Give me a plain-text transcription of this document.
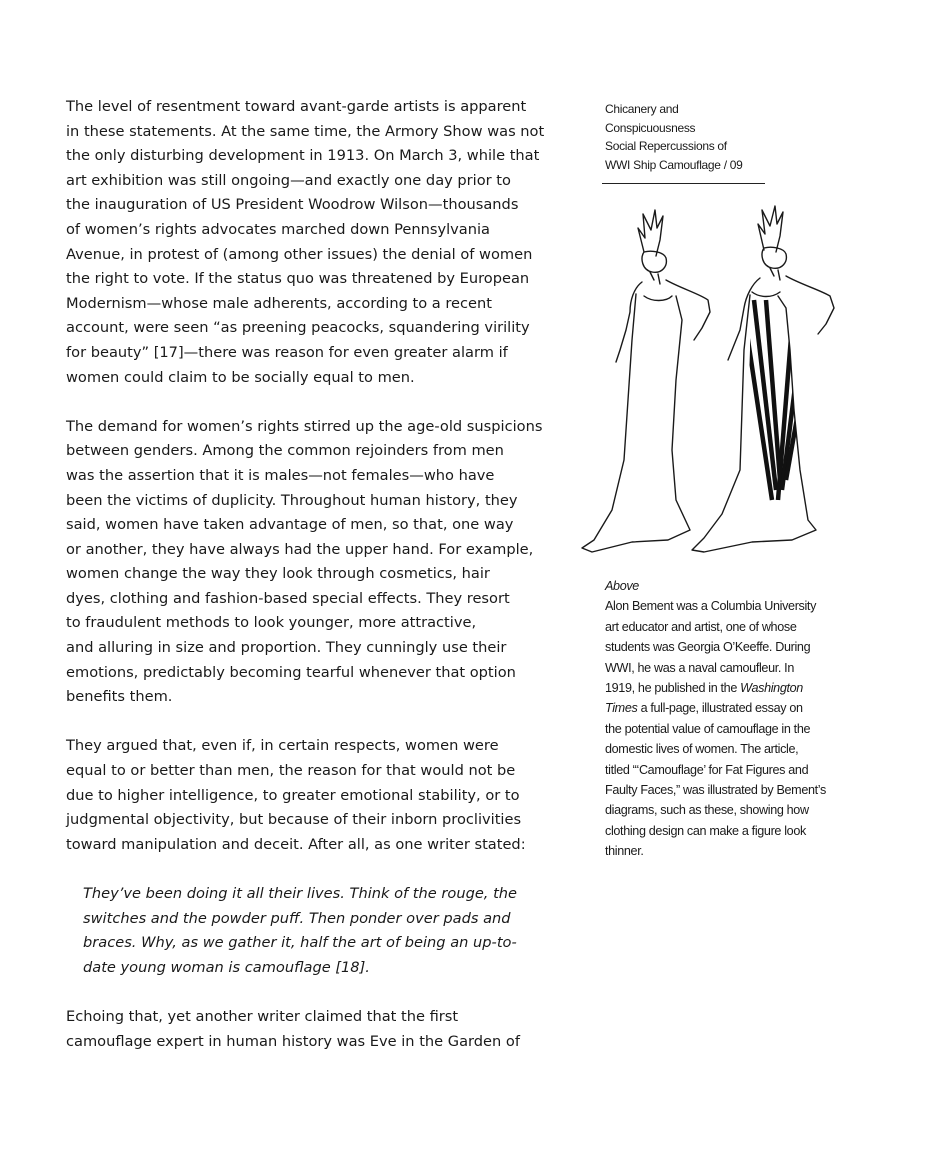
The level of resentment toward avant-garde artists is apparent
in these statements. At the same time, the Armory Show was not
the only disturbing development in 1913. On March 3, while that
art exhibition was still ongoing—and exactly one day prior to
the inauguration of US President Woodrow Wilson—thousands
of women’s rights advocates marched down Pennsylvania
Avenue, in protest of (among other issues) the denial of women
the right to vote. If the status quo was threatened by European
Modernism—whose male adherents, according to a recent
account, were seen “as preening peacocks, squandering virility
for beauty” [17]—there was reason for even greater alarm if
women could claim to be socially equal to men.

The demand for women’s rights stirred up the age-old suspicions
between genders. Among the common rejoinders from men
was the assertion that it is males—not females—who have
been the victims of duplicity. Throughout human history, they
said, women have taken advantage of men, so that, one way
or another, they have always had the upper hand. For example,
women change the way they look through cosmetics, hair
dyes, clothing and fashion-based special effects. They resort
to fraudulent methods to look younger, more attractive,
and alluring in size and proportion. They cunningly use their
emotions, predictably becoming tearful whenever that option
benefits them.

They argued that, even if, in certain respects, women were
equal to or better than men, the reason for that would not be
due to higher intelligence, to greater emotional stability, or to
judgmental objectivity, but because of their inborn proclivities
toward manipulation and deceit. After all, as one writer stated:

They’ve been doing it all their lives. Think of the rouge, the
switches and the powder puff. Then ponder over pads and
braces. Why, as we gather it, half the art of being an up-to-
date young woman is camouflage [18].

Echoing that, yet another writer claimed that the first
camouflage expert in human history was Eve in the Garden of

Chicanery and
Conspicuousness
Social Repercussions of
WWI Ship Camouflage / 09
Above
Alon Bement was a Columbia University
art educator and artist, one of whose
students was Georgia O’Keeffe. During
WWI, he was a naval camoufleur. In
1919, he published in the Washington
Times a full-page, illustrated essay on
the potential value of camouflage in the
domestic lives of women. The article,
titled “‘Camouflage’ for Fat Figures and
Faulty Faces,” was illustrated by Bement’s
diagrams, such as these, showing how
clothing design can make a figure look
thinner.
